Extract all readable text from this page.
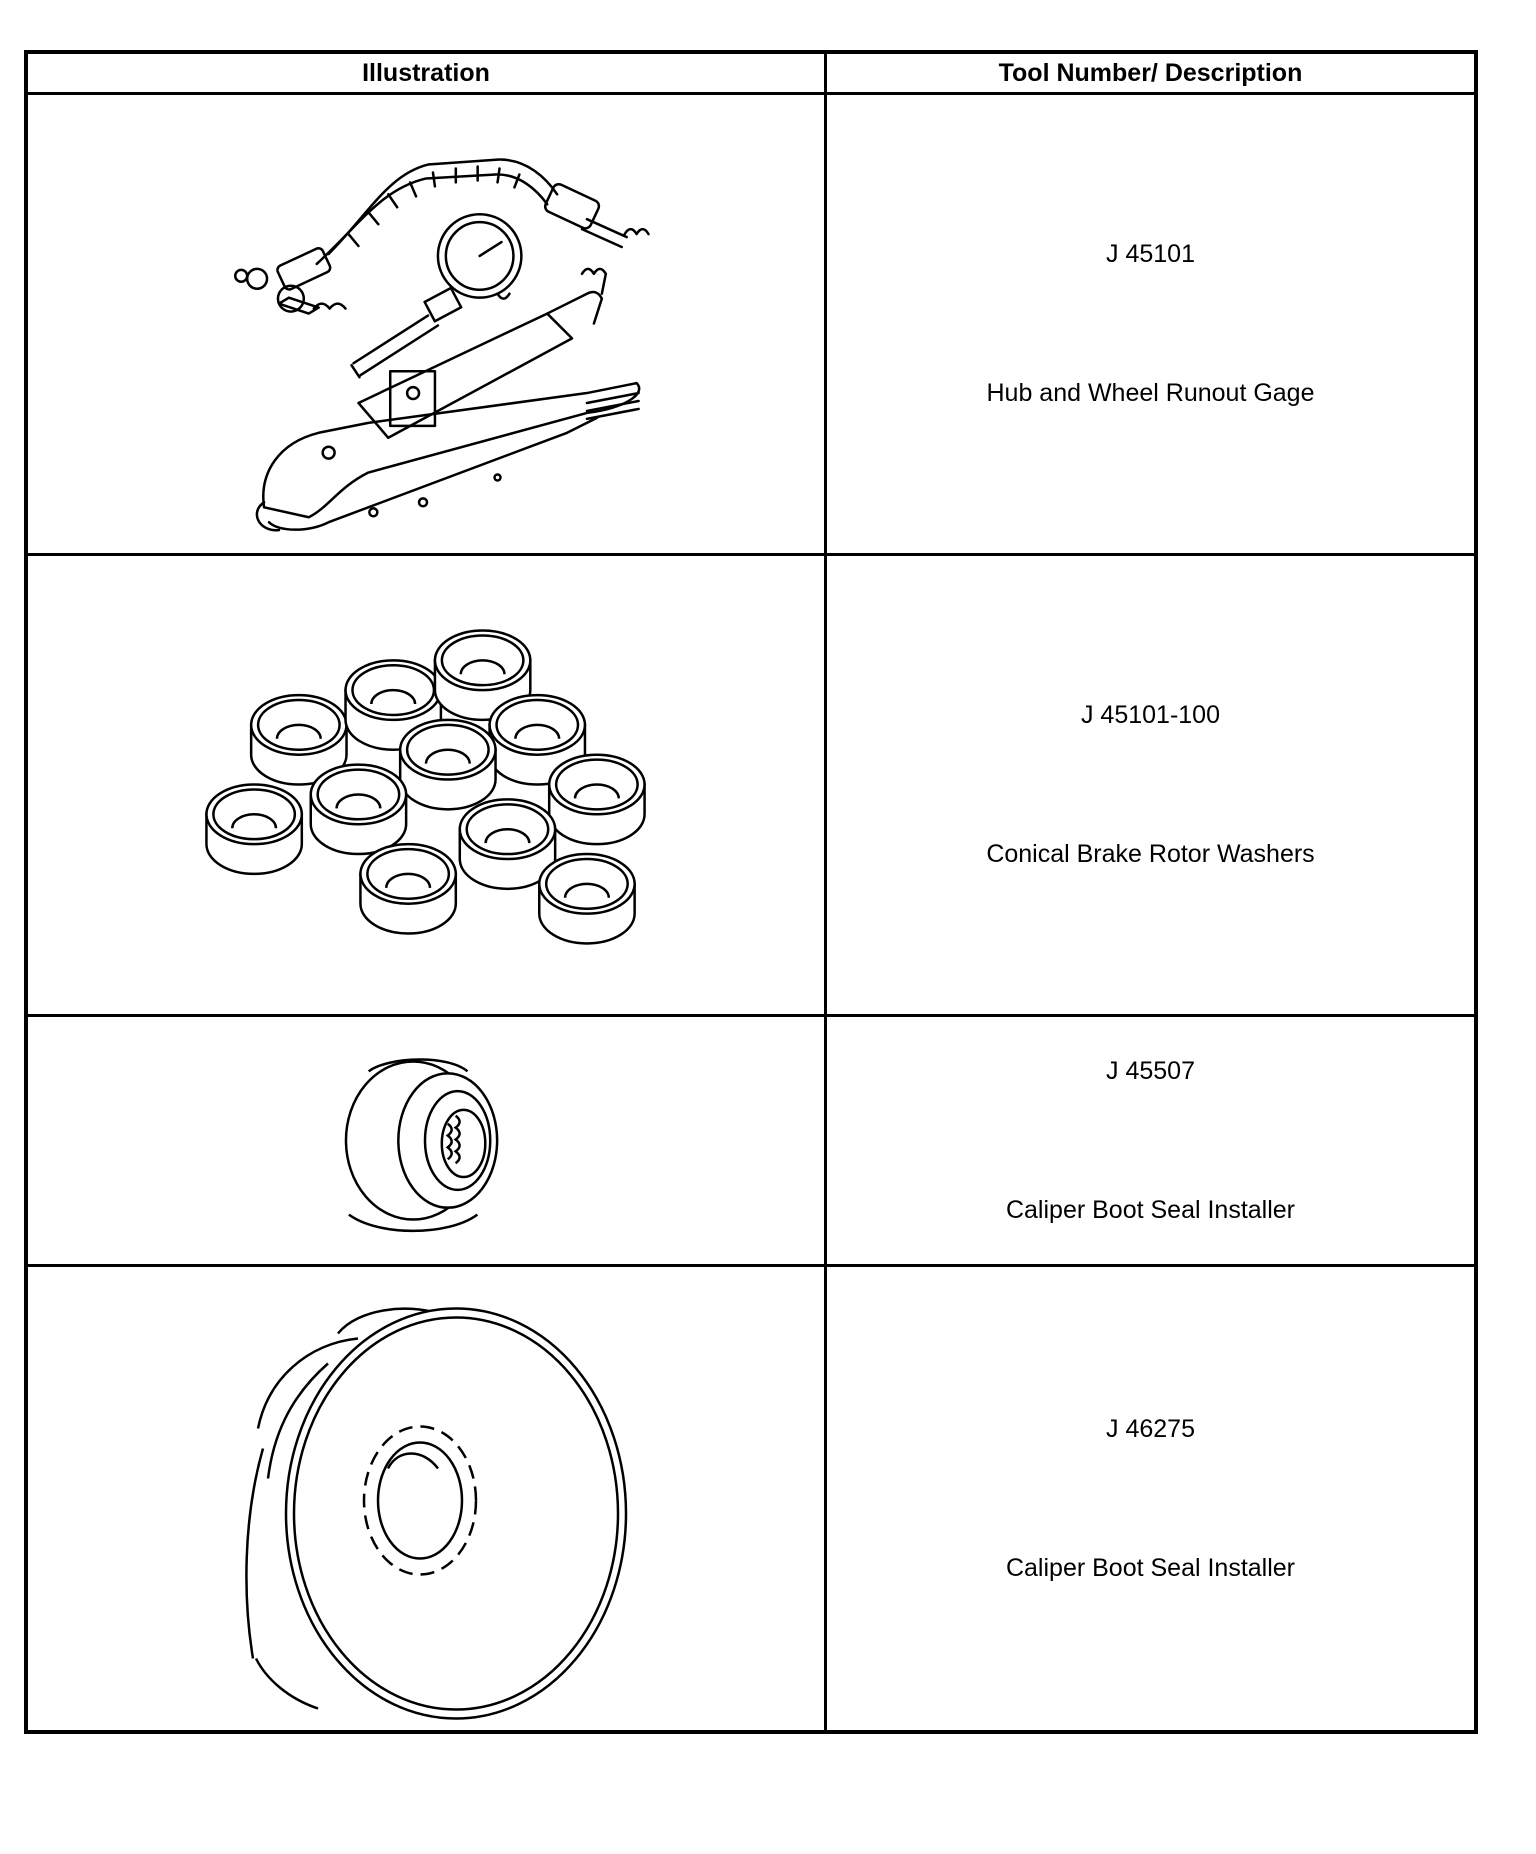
Illustration	Tool Number/ Description
J 45101
Hub and Wheel Runout Gage
J 45101-100
Conical Brake Rotor Washers
J 45507
Caliper Boot Seal Installer
J 46275
Caliper Boot Seal Installer
